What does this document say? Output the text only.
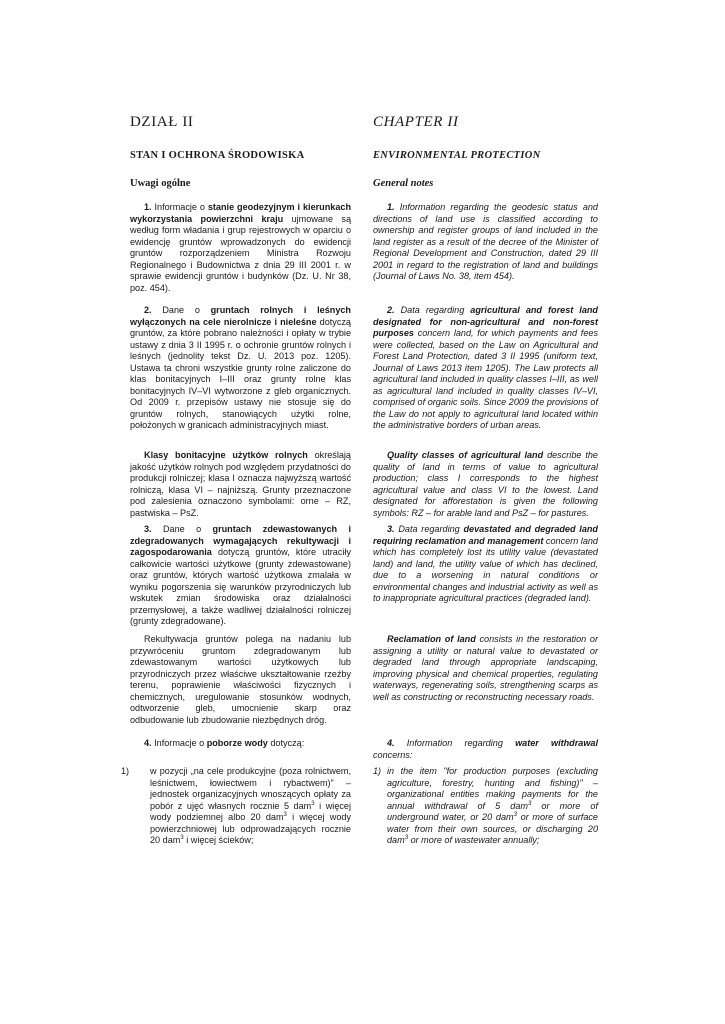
DZIAŁ II
STAN I OCHRONA ŚRODOWISKA
Uwagi ogólne

1. Informacje o stanie geodezyjnym i kierunkach wykorzystania powierzchni kraju ujmowane są według form władania i grup rejestrowych w oparciu o ewidencję gruntów wprowadzonych do ewidencji gruntów rozporządzeniem Ministra Rozwoju Regionalnego i Budownictwa z dnia 29 III 2001 r. w sprawie ewidencji gruntów i budynków (Dz. U. Nr 38, poz. 454).

2. Dane o gruntach rolnych i leśnych wyłączonych na cele nierolnicze i nieleśne dotyczą gruntów, za które pobrano należności i opłaty w trybie ustawy z dnia 3 II 1995 r. o ochronie gruntów rolnych i leśnych (jednolity tekst Dz. U. 2013 poz. 1205). Ustawa ta chroni wszystkie grunty rolne zaliczone do klas bonitacyjnych I–III oraz grunty rolne klas bonitacyjnych IV–VI wytworzone z gleb organicznych. Od 2009 r. przepisów ustawy nie stosuje się do gruntów rolnych, stanowiących użytki rolne, położonych w granicach administracyjnych miast.

Klasy bonitacyjne użytków rolnych określają jakość użytków rolnych pod względem przydatności do produkcji rolniczej; klasa I oznacza najwyższą wartość rolniczą, klasa VI – najniższą. Grunty przeznaczone pod zalesienia oznaczono symbolami: orne – RZ, pastwiska – PsZ.

3. Dane o gruntach zdewastowanych i zdegradowanych wymagających rekultywacji i zagospodarowania dotyczą gruntów, które utraciły całkowicie wartości użytkowe (grunty zdewastowane) oraz gruntów, których wartość użytkowa zmalała w wyniku pogorszenia się warunków przyrodniczych lub wskutek zmian środowiska oraz działalności przemysłowej, a także wadliwej działalności rolniczej (grunty zdegradowane).

Rekultywacja gruntów polega na nadaniu lub przywróceniu gruntom zdegradowanym lub zdewastowanym wartości użytkowych lub przyrodniczych przez właściwe ukształtowanie rzeźby terenu, poprawienie właściwości fizycznych i chemicznych, uregulowanie stosunków wodnych, odtworzenie gleb, umocnienie skarp oraz odbudowanie lub zbudowanie niezbędnych dróg.

4. Informacje o poborze wody dotyczą:

1) w pozycji „na cele produkcyjne (poza rolnictwem, leśnictwem, łowiectwem i rybactwem)” – jednostek organizacyjnych wnoszących opłaty za pobór z ujęć własnych rocznie 5 dam$^3$ i więcej wody podziemnej albo 20 dam$^3$ i więcej wody powierzchniowej lub odprowadzających rocznie 20 dam$^3$ i więcej ścieków;

CHAPTER II
ENVIRONMENTAL PROTECTION
General notes

1. Information regarding the geodesic status and directions of land use is classified according to ownership and register groups of land included in the land register as a result of the decree of the Minister of Regional Development and Construction, dated 29 III 2001 in regard to the registration of land and buildings (Journal of Laws No. 38, item 454).

2. Data regarding agricultural and forest land designated for non-agricultural and non-forest purposes concern land, for which payments and fees were collected, based on the Law on Agricultural and Forest Land Protection, dated 3 II 1995 (uniform text, Journal of Laws 2013 item 1205). The Law protects all agricultural land included in quality classes I–III, as well as agricultural land included in quality classes IV–VI, comprised of organic soils. Since 2009 the provisions of the Law do not apply to agricultural land located within the administrative borders of urban areas.

Quality classes of agricultural land describe the quality of land in terms of value to agricultural production; class I corresponds to the highest agricultural value and class VI to the lowest. Land designated for afforestation is given the following symbols: RZ – for arable land and PsZ – for pastures.

3. Data regarding devastated and degraded land requiring reclamation and management concern land which has completely lost its utility value (devastated land) and land, the utility value of which has declined, due to a worsening in natural conditions or environmental changes and industrial activity as well as to inappropriate agricultural practices (degraded land).

Reclamation of land consists in the restoration or assigning a utility or natural value to devastated or degraded land through appropriate landscaping, improving physical and chemical properties, regulating waterways, regenerating soils, strengthening scarps as well as constructing or reconstructing necessary roads.

4. Information regarding water withdrawal concerns:

1) in the item "for production purposes (excluding agriculture, forestry, hunting and fishing)" – organizational entities making payments for the annual withdrawal of 5 dam$^3$ or more of underground water, or 20 dam$^3$ or more of surface water from their own sources, or discharging 20 dam$^3$ or more of wastewater annually;
